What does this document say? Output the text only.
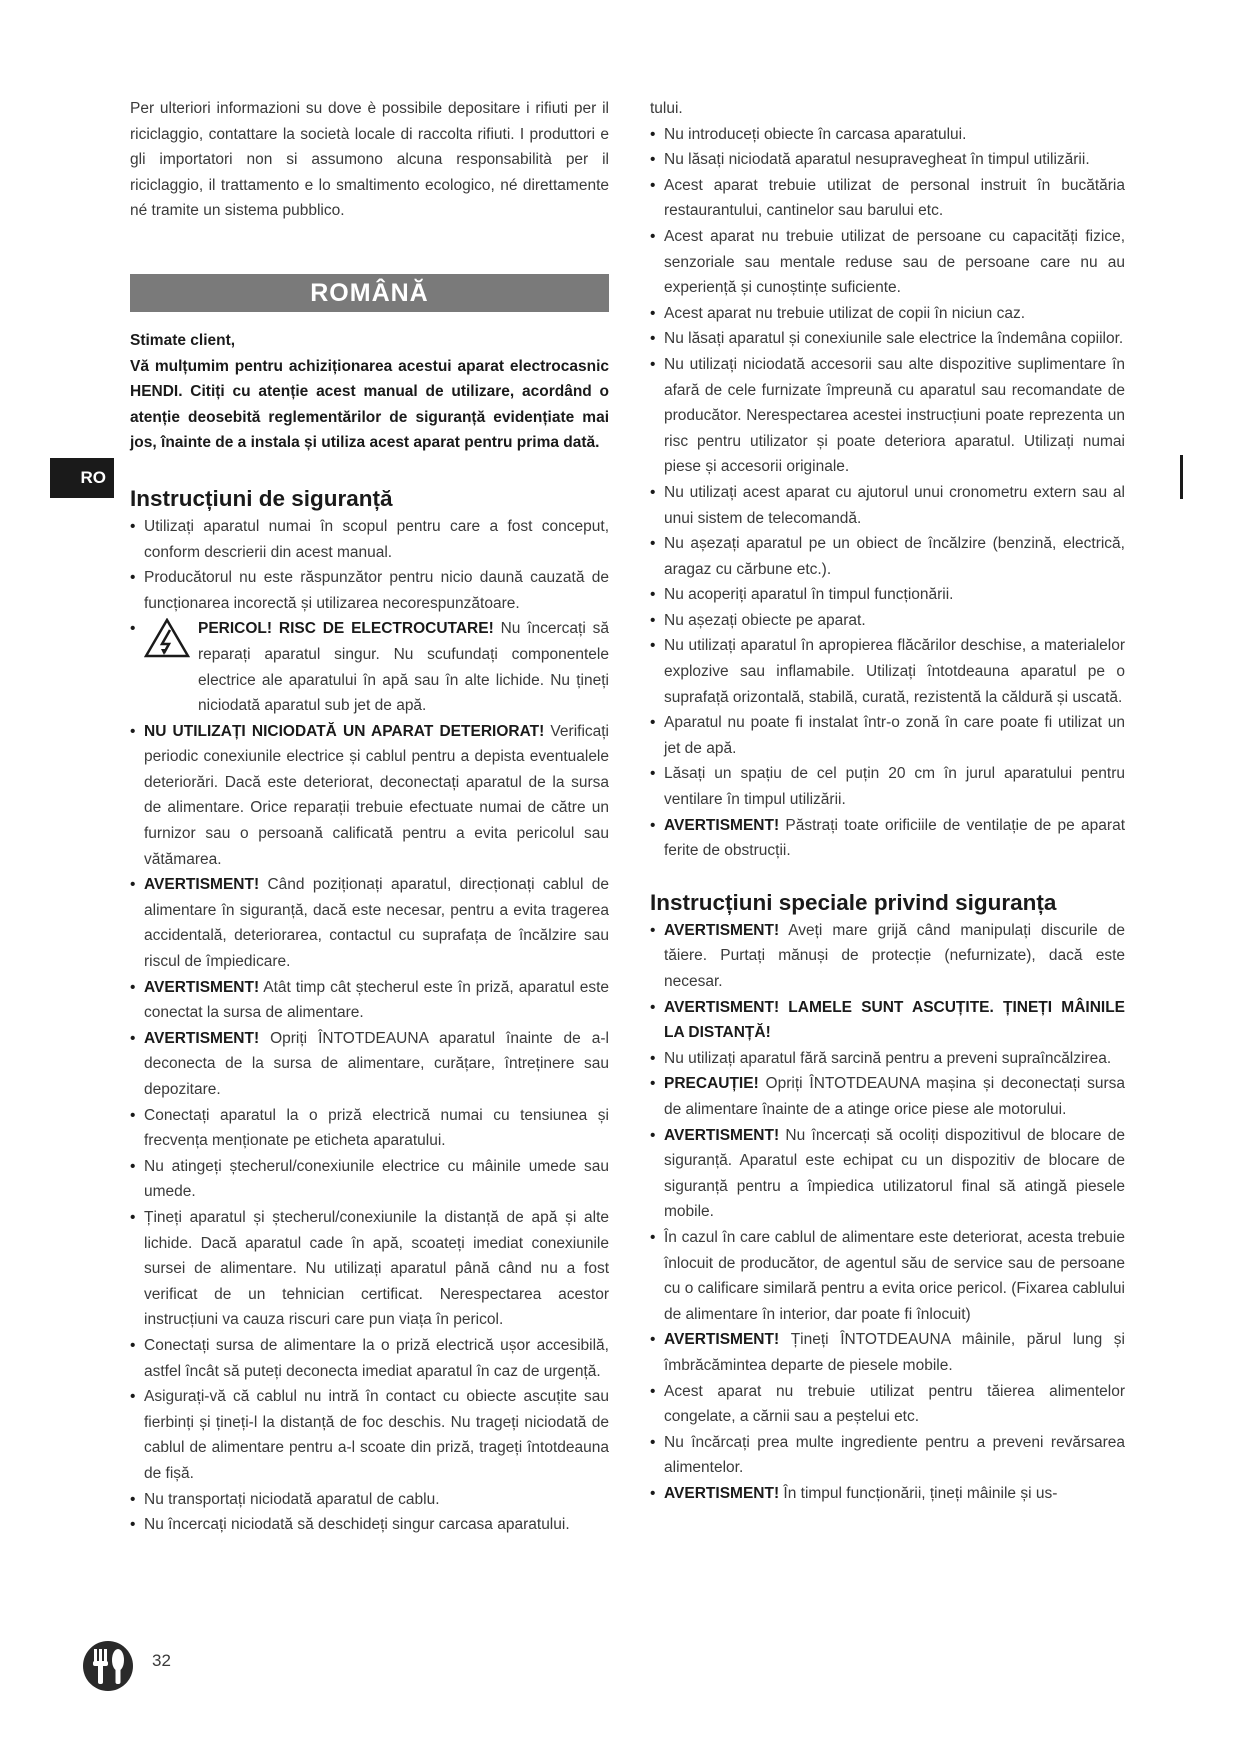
Per ulteriori informazioni su dove è possibile depositare i rifiuti per il riciclaggio, contattare la società locale di raccolta rifiuti. I produttori e gli importatori non si assumono alcuna responsabilità per il riciclaggio, il trattamento e lo smaltimento ecologico, né direttamente né tramite un sistema pubblico.

ROMÂNĂ

Stimate client,

Vă mulțumim pentru achiziționarea acestui aparat electrocasnic HENDI. Citiți cu atenție acest manual de utilizare, acordând o atenție deosebită reglementărilor de siguranță evidențiate mai jos, înainte de a instala și utiliza acest aparat pentru prima dată.

Instrucțiuni de siguranță
• Utilizați aparatul numai în scopul pentru care a fost conceput, conform descrierii din acest manual.
• Producătorul nu este răspunzător pentru nicio daună cauzată de funcționarea incorectă și utilizarea necorespunzătoare.
• PERICOL! RISC DE ELECTROCUTARE! Nu încercați să reparați aparatul singur. Nu scufundați componentele electrice ale aparatului în apă sau în alte lichide. Nu țineți niciodată aparatul sub jet de apă.
• NU UTILIZAȚI NICIODATĂ UN APARAT DETERIORAT! Verificați periodic conexiunile electrice și cablul pentru a depista eventualele deteriorări. Dacă este deteriorat, deconectați aparatul de la sursa de alimentare. Orice reparații trebuie efectuate numai de către un furnizor sau o persoană calificată pentru a evita pericolul sau vătămarea.
• AVERTISMENT! Când poziționați aparatul, direcționați cablul de alimentare în siguranță, dacă este necesar, pentru a evita tragerea accidentală, deteriorarea, contactul cu suprafața de încălzire sau riscul de împiedicare.
• AVERTISMENT! Atât timp cât ștecherul este în priză, aparatul este conectat la sursa de alimentare.
• AVERTISMENT! Opriți ÎNTOTDEAUNA aparatul înainte de a-l deconecta de la sursa de alimentare, curățare, întreținere sau depozitare.
• Conectați aparatul la o priză electrică numai cu tensiunea și frecvența menționate pe eticheta aparatului.
• Nu atingeți ștecherul/conexiunile electrice cu mâinile umede sau umede.
• Țineți aparatul și ștecherul/conexiunile la distanță de apă și alte lichide. Dacă aparatul cade în apă, scoateți imediat conexiunile sursei de alimentare. Nu utilizați aparatul până când nu a fost verificat de un tehnician certificat. Nerespectarea acestor instrucțiuni va cauza riscuri care pun viața în pericol.
• Conectați sursa de alimentare la o priză electrică ușor accesibilă, astfel încât să puteți deconecta imediat aparatul în caz de urgență.
• Asigurați-vă că cablul nu intră în contact cu obiecte ascuțite sau fierbinți și țineți-l la distanță de foc deschis. Nu trageți niciodată de cablul de alimentare pentru a-l scoate din priză, trageți întotdeauna de fișă.
• Nu transportați niciodată aparatul de cablu.
• Nu încercați niciodată să deschideți singur carcasa aparatului.

tului.

• Nu introduceți obiecte în carcasa aparatului.
• Nu lăsați niciodată aparatul nesupravegheat în timpul utilizării.
• Acest aparat trebuie utilizat de personal instruit în bucătăria restaurantului, cantinelor sau barului etc.
• Acest aparat nu trebuie utilizat de persoane cu capacități fizice, senzoriale sau mentale reduse sau de persoane care nu au experiență și cunoștințe suficiente.
• Acest aparat nu trebuie utilizat de copii în niciun caz.
• Nu lăsați aparatul și conexiunile sale electrice la îndemâna copiilor.
• Nu utilizați niciodată accesorii sau alte dispozitive suplimentare în afară de cele furnizate împreună cu aparatul sau recomandate de producător. Nerespectarea acestei instrucțiuni poate reprezenta un risc pentru utilizator și poate deteriora aparatul. Utilizați numai piese și accesorii originale.
• Nu utilizați acest aparat cu ajutorul unui cronometru extern sau al unui sistem de telecomandă.
• Nu așezați aparatul pe un obiect de încălzire (benzină, electrică, aragaz cu cărbune etc.).
• Nu acoperiți aparatul în timpul funcționării.
• Nu așezați obiecte pe aparat.
• Nu utilizați aparatul în apropierea flăcărilor deschise, a materialelor explozive sau inflamabile. Utilizați întotdeauna aparatul pe o suprafață orizontală, stabilă, curată, rezistentă la căldură și uscată.
• Aparatul nu poate fi instalat într-o zonă în care poate fi utilizat un jet de apă.
• Lăsați un spațiu de cel puțin 20 cm în jurul aparatului pentru ventilare în timpul utilizării.
• AVERTISMENT! Păstrați toate orificiile de ventilație de pe aparat ferite de obstrucții.
Instrucțiuni speciale privind siguranța
• AVERTISMENT! Aveți mare grijă când manipulați discurile de tăiere. Purtați mănuși de protecție (nefurnizate), dacă este necesar.
• AVERTISMENT! LAMELE SUNT ASCUȚITE. ȚINEȚI MÂINILE LA DISTANȚĂ!
• Nu utilizați aparatul fără sarcină pentru a preveni supraîncălzirea.
• PRECAUȚIE! Opriți ÎNTOTDEAUNA mașina și deconectați sursa de alimentare înainte de a atinge orice piese ale motorului.
• AVERTISMENT! Nu încercați să ocoliți dispozitivul de blocare de siguranță. Aparatul este echipat cu un dispozitiv de blocare de siguranță pentru a împiedica utilizatorul final să atingă piesele mobile.
• În cazul în care cablul de alimentare este deteriorat, acesta trebuie înlocuit de producător, de agentul său de service sau de persoane cu o calificare similară pentru a evita orice pericol. (Fixarea cablului de alimentare în interior, dar poate fi înlocuit)
• AVERTISMENT! Țineți ÎNTOTDEAUNA mâinile, părul lung și îmbrăcămintea departe de piesele mobile.
• Acest aparat nu trebuie utilizat pentru tăierea alimentelor congelate, a cărnii sau a peștelui etc.
• Nu încărcați prea multe ingrediente pentru a preveni revărsarea alimentelor.
• AVERTISMENT! În timpul funcționării, țineți mâinile și us-
RO
32
